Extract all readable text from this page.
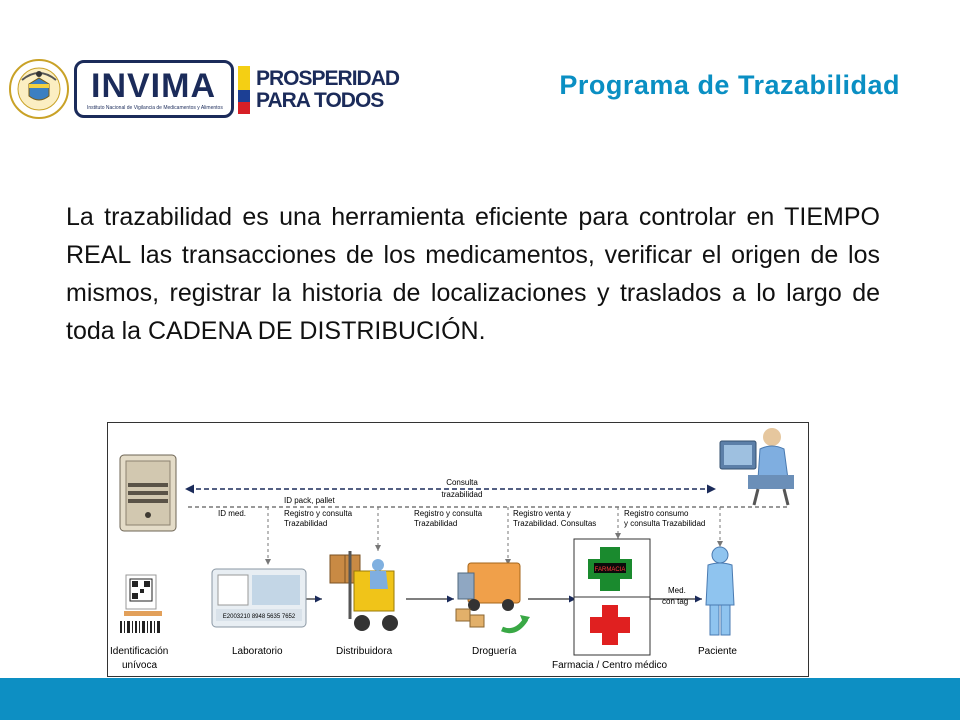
INVIMA
Instituto Nacional de Vigilancia de Medicamentos y Alimentos
PROSPERIDAD
PARA TODOS
Programa de Trazabilidad

La trazabilidad es una herramienta eficiente para controlar en TIEMPO REAL las transacciones de los medicamentos, verificar el origen de los mismos, registrar la historia de localizaciones y traslados a lo largo de toda la CADENA DE DISTRIBUCIÓN.

Consulta
trazabilidad
ID med.
ID pack, pallet
Registro y consulta
Trazabilidad
Registro y consulta
Trazabilidad
Registro venta y
Trazabilidad. Consultas
Registro consumo
y consulta Trazabilidad
E2003210 8948 5635 7652
FARMACIA
Med.
con tag
Identificación
unívoca
Laboratorio	Distribuidora	Droguería
Farmacia / Centro médico
Paciente
